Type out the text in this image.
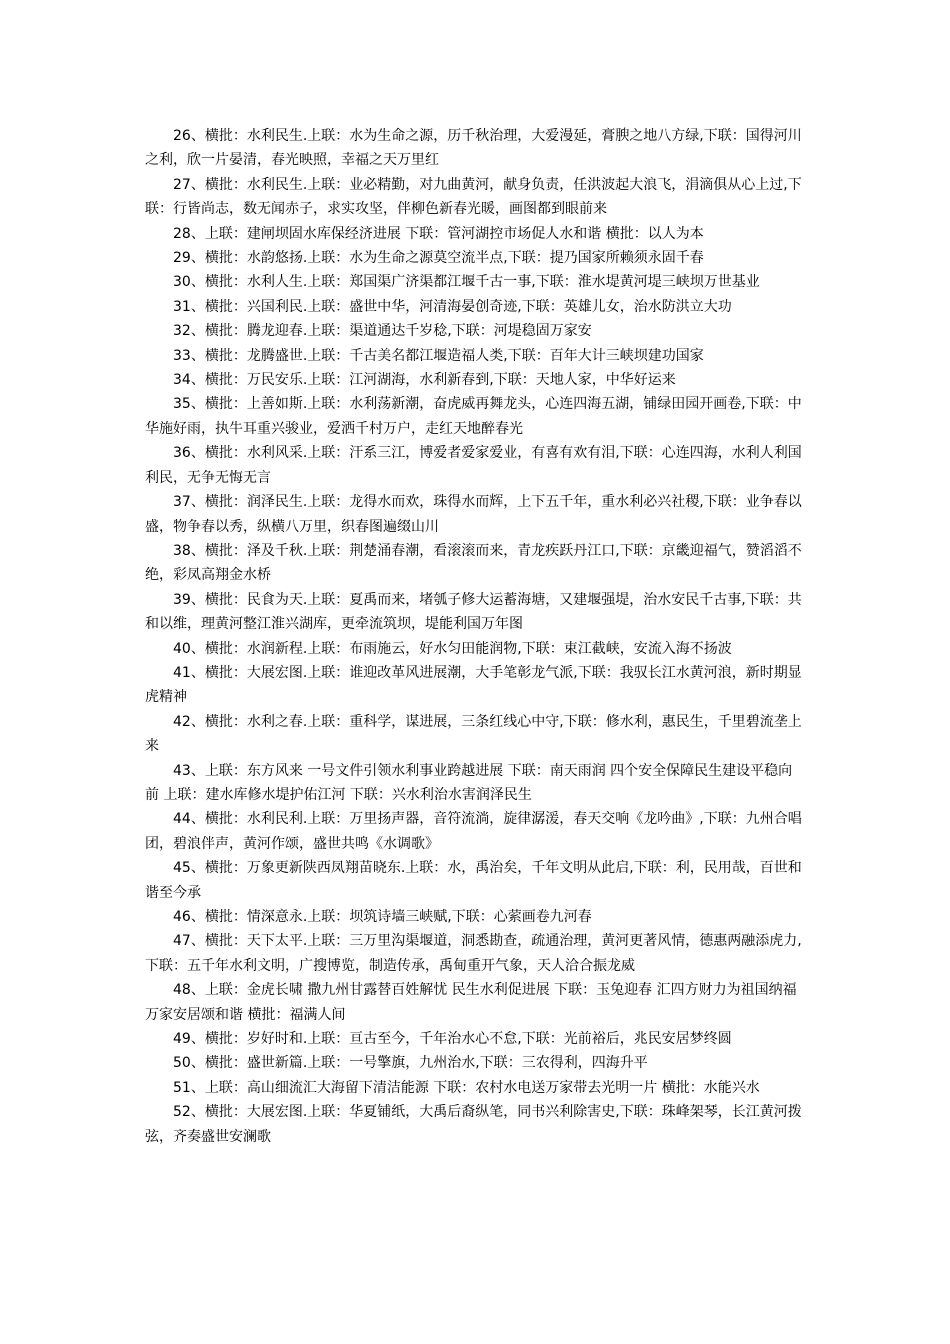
26、横批：水利民生.上联：水为生命之源，历千秋治理，大爱漫延，膏腴之地八方绿,下联：国得河川之利，欣一片晏清，春光映照，幸福之天万里红

27、横批：水利民生.上联：业必精勤，对九曲黄河，献身负责，任洪波起大浪飞，涓滴俱从心上过,下联：行皆尚志，数无闻赤子，求实攻坚，伴柳色新春光暖，画图都到眼前来

28、上联：建闸坝固水库保经济进展 下联：管河湖控市场促人水和谐 横批：以人为本

29、横批：水韵悠扬.上联：水为生命之源莫空流半点,下联：提乃国家所赖须永固千春

30、横批：水利人生.上联：郑国渠广济渠都江堰千古一事,下联：淮水堤黄河堤三峡坝万世基业

31、横批：兴国利民.上联：盛世中华，河清海晏创奇迹,下联：英雄儿女，治水防洪立大功

32、横批：腾龙迎春.上联：渠道通达千岁稔,下联：河堤稳固万家安

33、横批：龙腾盛世.上联：千古美名都江堰造福人类,下联：百年大计三峡坝建功国家

34、横批：万民安乐.上联：江河湖海，水利新春到,下联：天地人家，中华好运来

35、横批：上善如斯.上联：水利荡新潮，奋虎威再舞龙头，心连四海五湖，铺绿田园开画卷,下联：中华施好雨，执牛耳重兴骏业，爱洒千村万户，走红天地醉春光

36、横批：水利风采.上联：汗系三江，博爱者爱家爱业，有喜有欢有泪,下联：心连四海，水利人利国利民，无争无悔无言

37、横批：润泽民生.上联：龙得水而欢，珠得水而辉，上下五千年，重水利必兴社稷,下联：业争春以盛，物争春以秀，纵横八万里，织春图遍缀山川

38、横批：泽及千秋.上联：荆楚涌春潮，看滚滚而来，青龙疾跃丹江口,下联：京畿迎福气，赞滔滔不绝，彩凤高翔金水桥

39、横批：民食为天.上联：夏禹而来，堵瓠子修大运蓄海塘，又建堰强堤，治水安民千古事,下联：共和以维，理黄河整江淮兴湖库，更牵流筑坝，堤能利国万年图

40、横批：水润新程.上联：布雨施云，好水匀田能润物,下联：束江截峡，安流入海不扬波

41、横批：大展宏图.上联：谁迎改革风进展潮，大手笔彰龙气派,下联：我驭长江水黄河浪，新时期显虎精神

42、横批：水利之春.上联：重科学，谋进展，三条红线心中守,下联：修水利，惠民生，千里碧流垄上来

43、上联：东方风来 一号文件引领水利事业跨越进展 下联：南天雨润 四个安全保障民生建设平稳向前 上联：建水库修水堤护佑江河 下联：兴水利治水害润泽民生

44、横批：水利民利.上联：万里扬声器，音符流淌，旋律潺湲，春天交响《龙吟曲》,下联：九州合唱团，碧浪伴声，黄河作颂，盛世共鸣《水调歌》

45、横批：万象更新陕西凤翔苗晓东.上联：水，禹治矣，千年文明从此启,下联：利，民用哉，百世和谐至今承

46、横批：情深意永.上联：坝筑诗墙三峡赋,下联：心萦画卷九河春

47、横批：天下太平.上联：三万里沟渠堰道，洞悉勘查，疏通治理，黄河更著风情，德惠两融添虎力,下联：五千年水利文明，广搜博览，制造传承，禹甸重开气象，天人洽合振龙威

48、上联：金虎长啸 撒九州甘露替百姓解忧 民生水利促进展 下联：玉兔迎春 汇四方财力为祖国纳福 万家安居颂和谐 横批：福满人间

49、横批：岁好时和.上联：亘古至今，千年治水心不怠,下联：光前裕后，兆民安居梦终圆

50、横批：盛世新篇.上联：一号擎旗，九州治水,下联：三农得利，四海升平

51、上联：高山细流汇大海留下清洁能源 下联：农村水电送万家带去光明一片 横批：水能兴水

52、横批：大展宏图.上联：华夏铺纸，大禹后裔纵笔，同书兴利除害史,下联：珠峰架琴，长江黄河拨弦，齐奏盛世安澜歌
